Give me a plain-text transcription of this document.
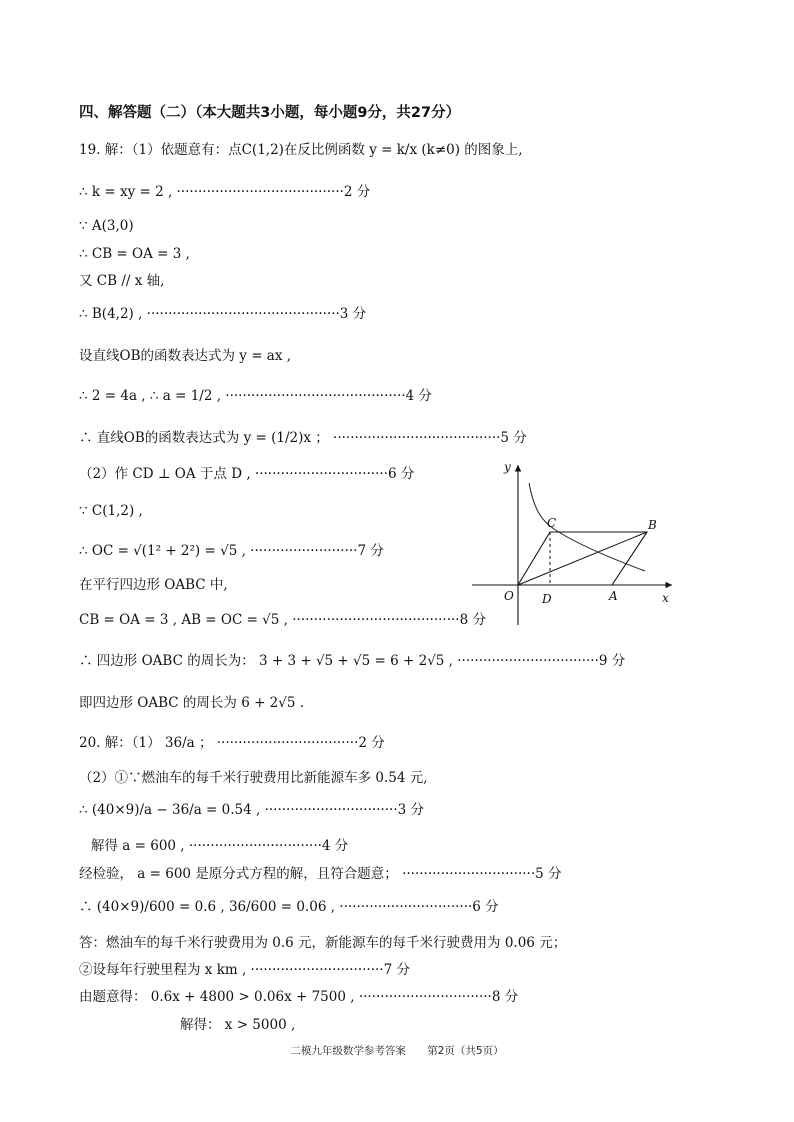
四、解答题（二）（本大题共3小题，每小题9分，共27分）
19. 解：（1）依题意有：点C(1,2)在反比例函数 y = k/x (k≠0) 的图象上,
∴ k = xy = 2 , ·······································2 分
∵ A(3,0)
∴ CB = OA = 3 ,
又 CB // x 轴,
∴ B(4,2) , ·············································3 分
设直线OB的函数表达式为 y = ax ,
∴ 2 = 4a , ∴ a = 1/2 , ··········································4 分
∴ 直线OB的函数表达式为 y = (1/2)x ； ·······································5 分
（2）作 CD ⊥ OA 于点 D , ·······························6 分
∵ C(1,2) ,
∴ OC = √(1² + 2²) = √5 , ·························7 分
在平行四边形 OABC 中,
CB = OA = 3 , AB = OC = √5 , ·······································8 分
∴ 四边形 OABC 的周长为： 3 + 3 + √5 + √5 = 6 + 2√5 , ·································9 分
即四边形 OABC 的周长为 6 + 2√5 .
20. 解：（1） 36/a ； ·································2 分
（2）①∵燃油车的每千米行驶费用比新能源车多 0.54 元,
∴ (40×9)/a − 36/a = 0.54 , ·······························3 分
解得 a = 600 , ·······························4 分
经检验， a = 600 是原分式方程的解，且符合题意； ·······························5 分
∴ (40×9)/600 = 0.6 , 36/600 = 0.06 , ·······························6 分
答：燃油车的每千米行驶费用为 0.6 元，新能源车的每千米行驶费用为 0.06 元；
②设每年行驶里程为 x km , ·······························7 分
由题意得： 0.6x + 4800 > 0.06x + 7500 , ·······························8 分
解得： x > 5000 ,
y
x
O
C	B
D	A
二模九年级数学参考答案 第2页（共5页）
